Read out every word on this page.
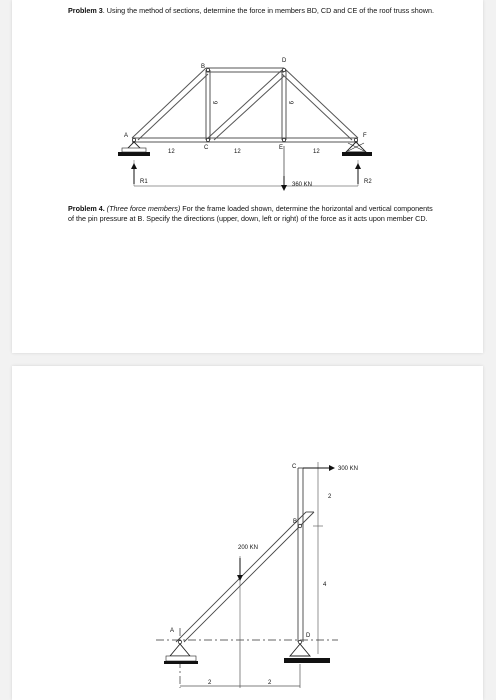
Problem 3. Using the method of sections, determine the force in members BD, CD and CE of the roof truss shown.

B
D
A	F
C	E
9	9
12	12	12
R1	R2
360 KN

Problem 4. (Three force members) For the frame loaded shown, determine the horizontal and vertical components of the pin pressure at B. Specify the directions (upper, down, left or right) of the force as it acts upon member CD.

C
B
A
D
300 KN
200 KN
2
4
2	2
